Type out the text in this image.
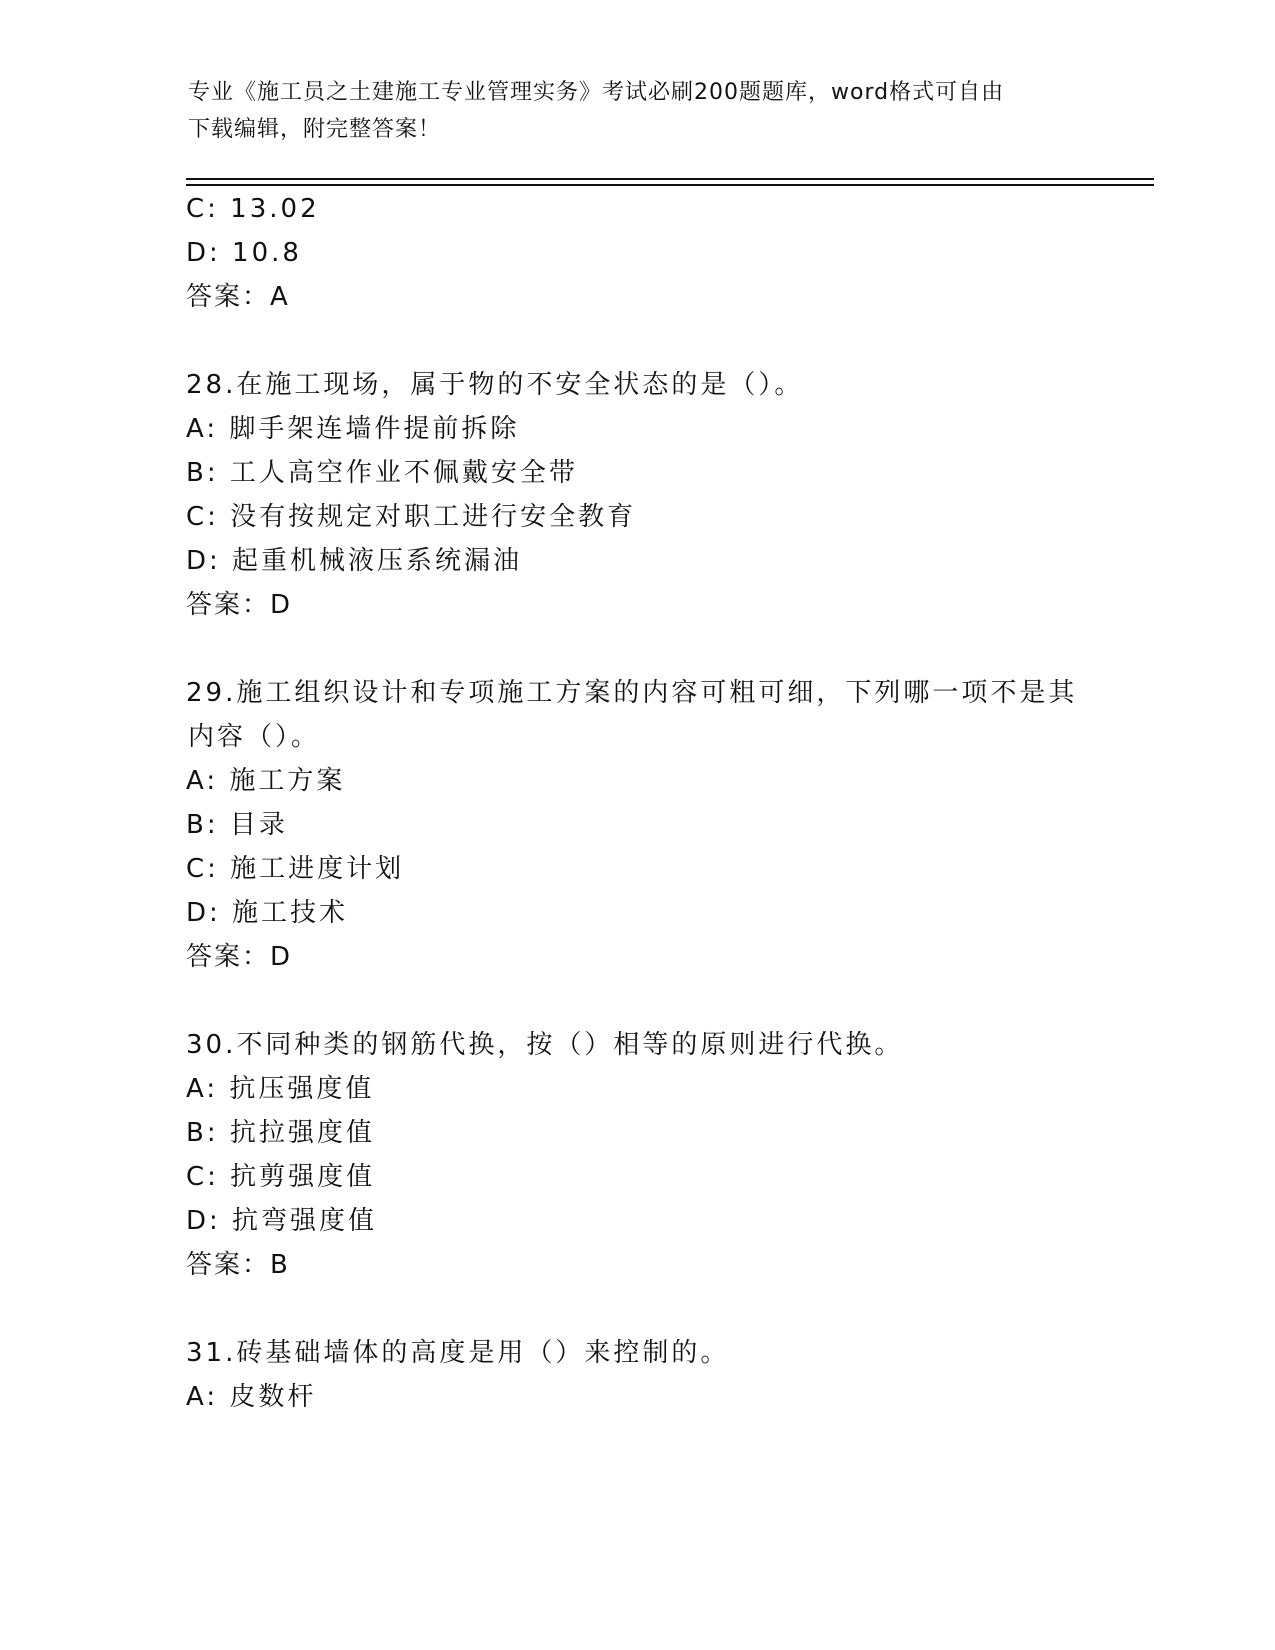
专业《施工员之土建施工专业管理实务》考试必刷200题题库，word格式可自由
下载编辑，附完整答案！
C: 13.02
D: 10.8
答案：A
28.在施工现场，属于物的不安全状态的是（）。
A: 脚手架连墙件提前拆除
B: 工人高空作业不佩戴安全带
C: 没有按规定对职工进行安全教育
D: 起重机械液压系统漏油
答案：D
29.施工组织设计和专项施工方案的内容可粗可细，下列哪一项不是其
内容（）。
A: 施工方案
B: 目录
C: 施工进度计划
D: 施工技术
答案：D
30.不同种类的钢筋代换，按（）相等的原则进行代换。
A: 抗压强度值
B: 抗拉强度值
C: 抗剪强度值
D: 抗弯强度值
答案：B
31.砖基础墙体的高度是用（）来控制的。
A: 皮数杆
